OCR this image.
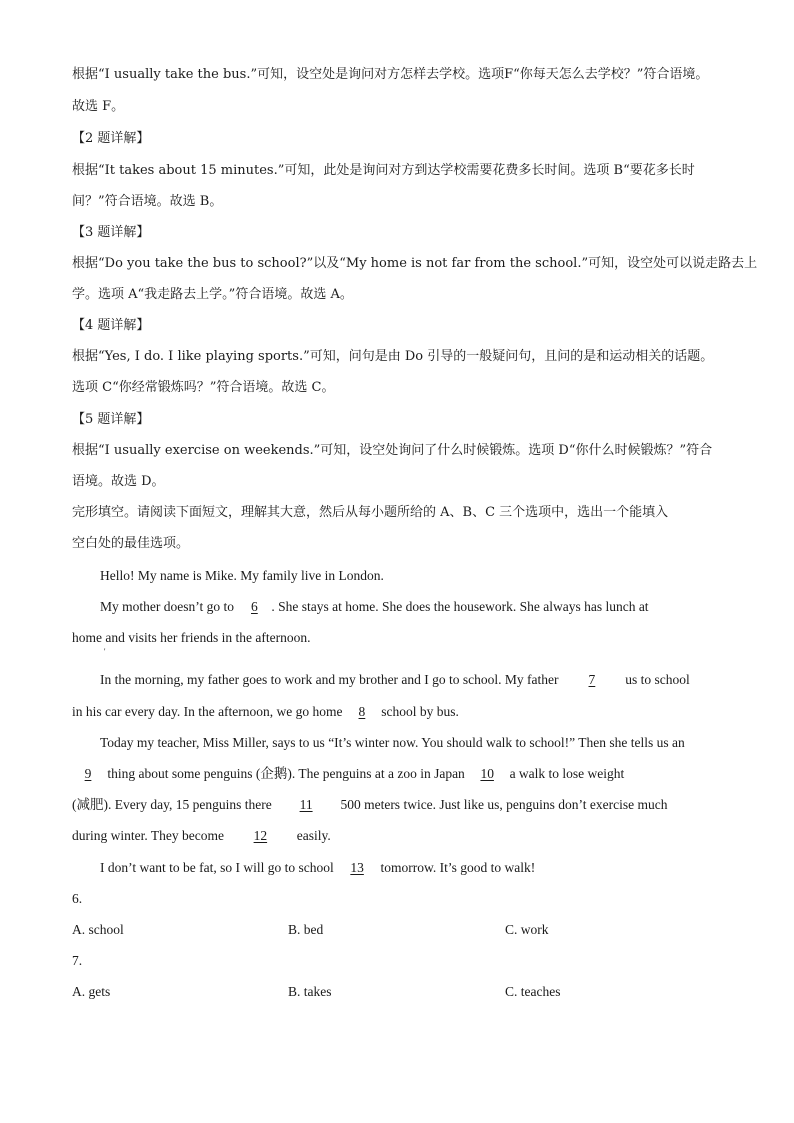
根据“I usually take the bus.”可知，设空处是询问对方怎样去学校。选项F“你每天怎么去学校？”符合语境。
故选 F。
【2 题详解】
根据“It takes about 15 minutes.”可知，此处是询问对方到达学校需要花费多长时间。选项 B“要花多长时
间？”符合语境。故选 B。
【3 题详解】
根据“Do you take the bus to school?”以及“My home is not far from the school.”可知，设空处可以说走路去上
学。选项 A“我走路去上学。”符合语境。故选 A。
【4 题详解】
根据“Yes, I do. I like playing sports.”可知，问句是由 Do 引导的一般疑问句，且问的是和运动相关的话题。
选项 C“你经常锻炼吗？”符合语境。故选 C。
【5 题详解】
根据“I usually exercise on weekends.”可知，设空处询问了什么时候锻炼。选项 D“你什么时候锻炼？”符合
语境。故选 D。
完形填空。请阅读下面短文，理解其大意，然后从每小题所给的 A、B、C 三个选项中，选出一个能填入
空白处的最佳选项。
Hello! My name is Mike. My family live in London.
My mother doesn’t go to 6 . She stays at home. She does the housework. She always has lunch at
home and visits her friends in the afternoon.
'
In the morning, my father goes to work and my brother and I go to school. My father 7 us to school
in his car every day. In the afternoon, we go home 8 school by bus.
Today my teacher, Miss Miller, says to us “It’s winter now. You should walk to school!” Then she tells us an
9 thing about some penguins (企鹅). The penguins at a zoo in Japan 10 a walk to lose weight
(减肥). Every day, 15 penguins there 11 500 meters twice. Just like us, penguins don’t exercise much
during winter. They become 12 easily.
I don’t want to be fat, so I will go to school 13 tomorrow. It’s good to walk!
6.
A. school	B. bed	C. work
7.
A. gets	B. takes	C. teaches
